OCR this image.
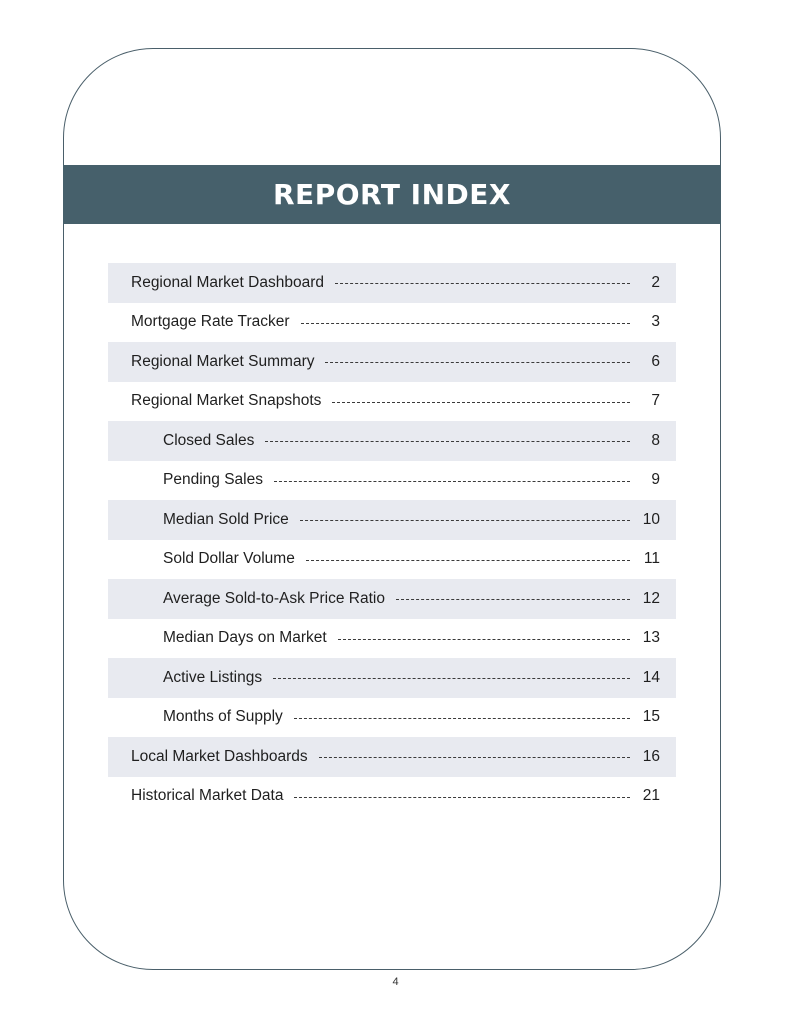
REPORT INDEX
Regional Market Dashboard	2
Mortgage Rate Tracker	3
Regional Market Summary	6
Regional Market Snapshots	7
Closed Sales	8
Pending Sales	9
Median Sold Price	10
Sold Dollar Volume	11
Average Sold-to-Ask Price Ratio	12
Median Days on Market	13
Active Listings	14
Months of Supply	15
Local Market Dashboards	16
Historical Market Data	21
4
